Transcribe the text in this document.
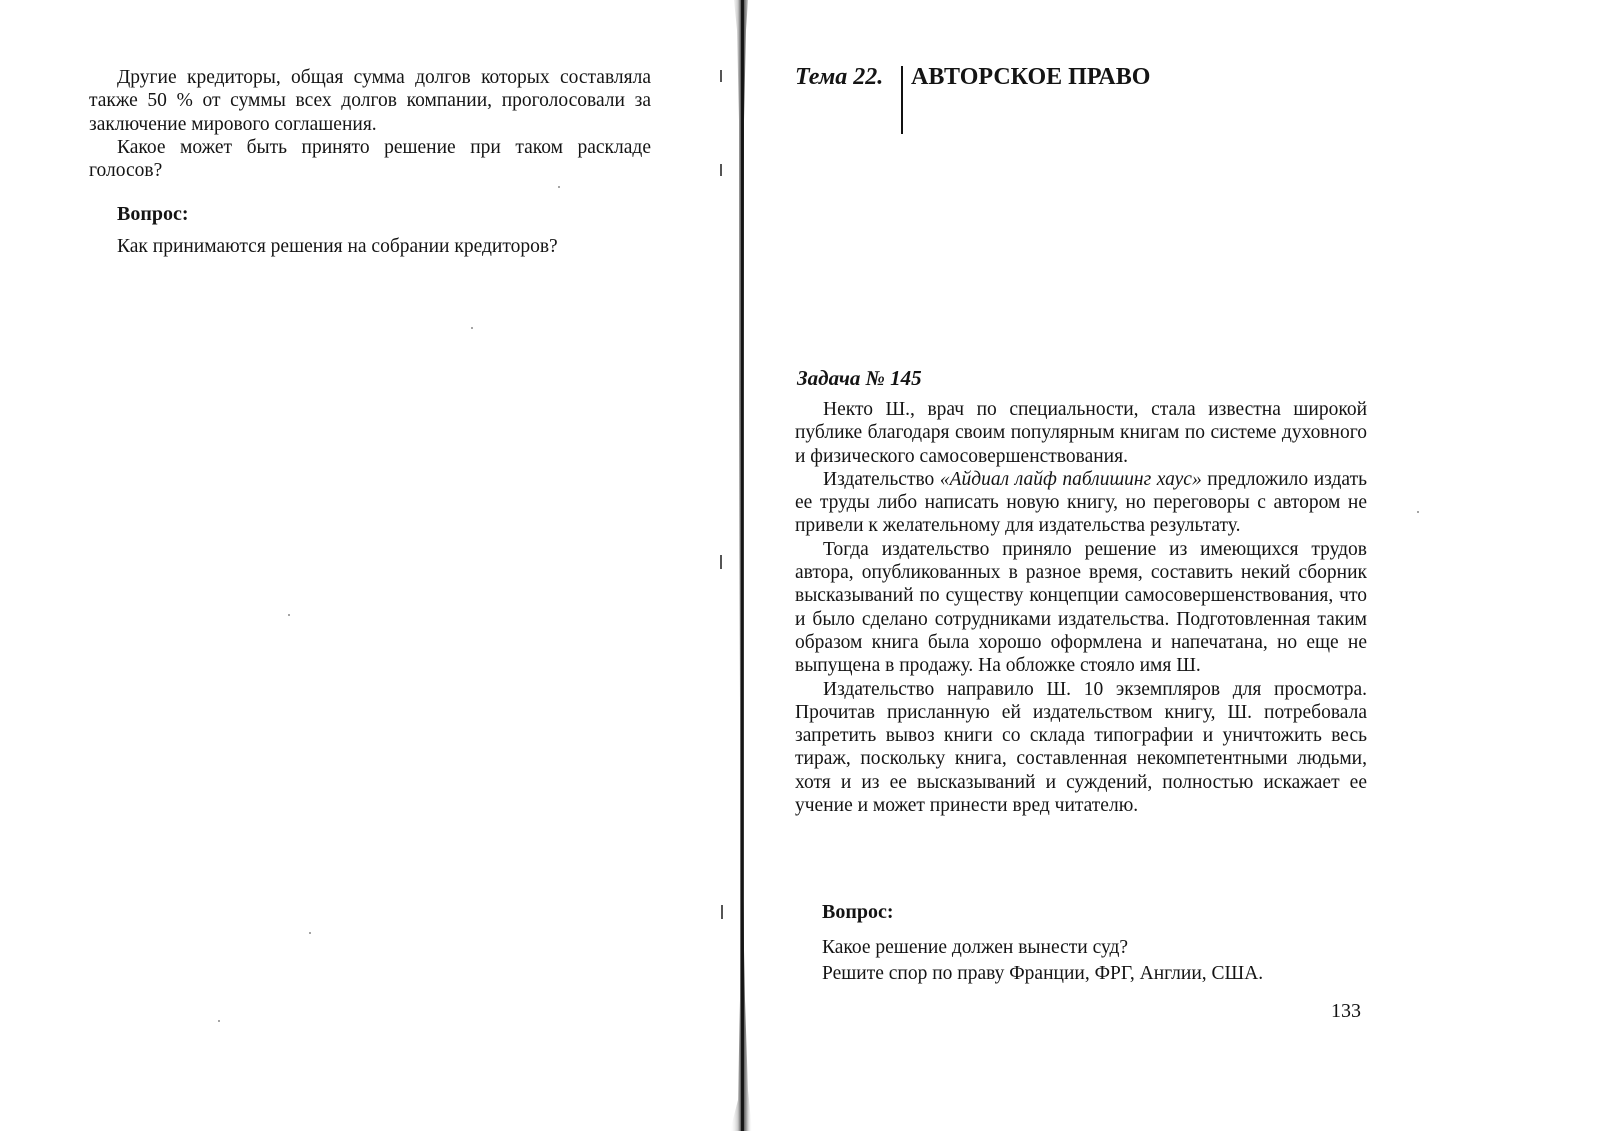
Другие кредиторы, общая сумма долгов которых составляла также 50 % от суммы всех долгов компании, проголосовали за заключение мирового соглашения.

Какое может быть принято решение при таком раскладе голосов?

Вопрос:
Как принимаются решения на собрании кредиторов?
Тема 22. АВТОРСКОЕ ПРАВО
Задача № 145

Некто Ш., врач по специальности, стала известна широкой публике благодаря своим популярным книгам по системе духовного и физического самосовершенствования.

Издательство «Айдиал лайф паблишинг хаус» предложило издать ее труды либо написать новую книгу, но переговоры с автором не привели к желательному для издательства результату.

Тогда издательство приняло решение из имеющихся трудов автора, опубликованных в разное время, составить некий сборник высказываний по существу концепции самосовершенствования, что и было сделано сотрудниками издательства. Подготовленная таким образом книга была хорошо оформлена и напечатана, но еще не выпущена в продажу. На обложке стояло имя Ш.

Издательство направило Ш. 10 экземпляров для просмотра. Прочитав присланную ей издательством книгу, Ш. потребовала запретить вывоз книги со склада типографии и уничтожить весь тираж, поскольку книга, составленная некомпетентными людьми, хотя и из ее высказываний и суждений, полностью искажает ее учение и может принести вред читателю.

Вопрос:
Какое решение должен вынести суд?
Решите спор по праву Франции, ФРГ, Англии, США.
133
